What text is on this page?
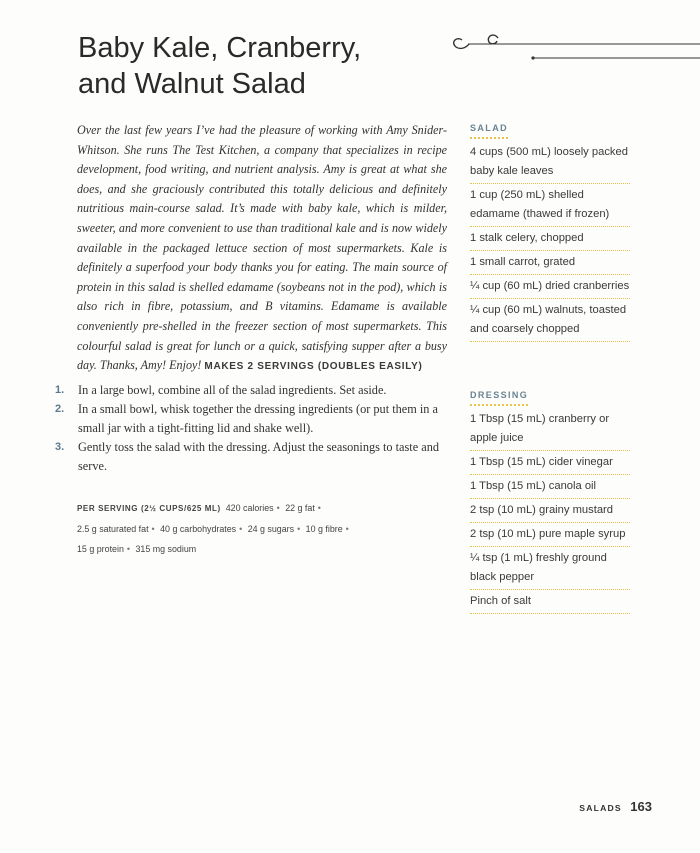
Baby Kale, Cranberry,
and Walnut Salad
Over the last few years I’ve had the pleasure of working with Amy Snider-Whitson. She runs The Test Kitchen, a company that specializes in recipe development, food writing, and nutrient analysis. Amy is great at what she does, and she graciously contributed this totally delicious and definitely nutritious main-course salad. It’s made with baby kale, which is milder, sweeter, and more convenient to use than traditional kale and is now widely available in the packaged lettuce section of most supermarkets. Kale is definitely a superfood your body thanks you for eating. The main source of protein in this salad is shelled edamame (soybeans not in the pod), which is also rich in fibre, potassium, and B vitamins. Edamame is available conveniently pre-shelled in the freezer section of most supermarkets. This colourful salad is great for lunch or a quick, satisfying supper after a busy day. Thanks, Amy! Enjoy! MAKES 2 SERVINGS (DOUBLES EASILY)
1. In a large bowl, combine all of the salad ingredients. Set aside.
2. In a small bowl, whisk together the dressing ingredients (or put them in a small jar with a tight-fitting lid and shake well).
3. Gently toss the salad with the dressing. Adjust the seasonings to taste and serve.
PER SERVING (2½ CUPS/625 ML) 420 calories • 22 g fat •
2.5 g saturated fat • 40 g carbohydrates • 24 g sugars • 10 g fibre •
15 g protein • 315 mg sodium
SALAD
4 cups (500 mL) loosely packed baby kale leaves
1 cup (250 mL) shelled edamame (thawed if frozen)
1 stalk celery, chopped
1 small carrot, grated
¼ cup (60 mL) dried cranberries
¼ cup (60 mL) walnuts, toasted and coarsely chopped
DRESSING
1 Tbsp (15 mL) cranberry or apple juice
1 Tbsp (15 mL) cider vinegar
1 Tbsp (15 mL) canola oil
2 tsp (10 mL) grainy mustard
2 tsp (10 mL) pure maple syrup
¼ tsp (1 mL) freshly ground black pepper
Pinch of salt
SALADS 163
